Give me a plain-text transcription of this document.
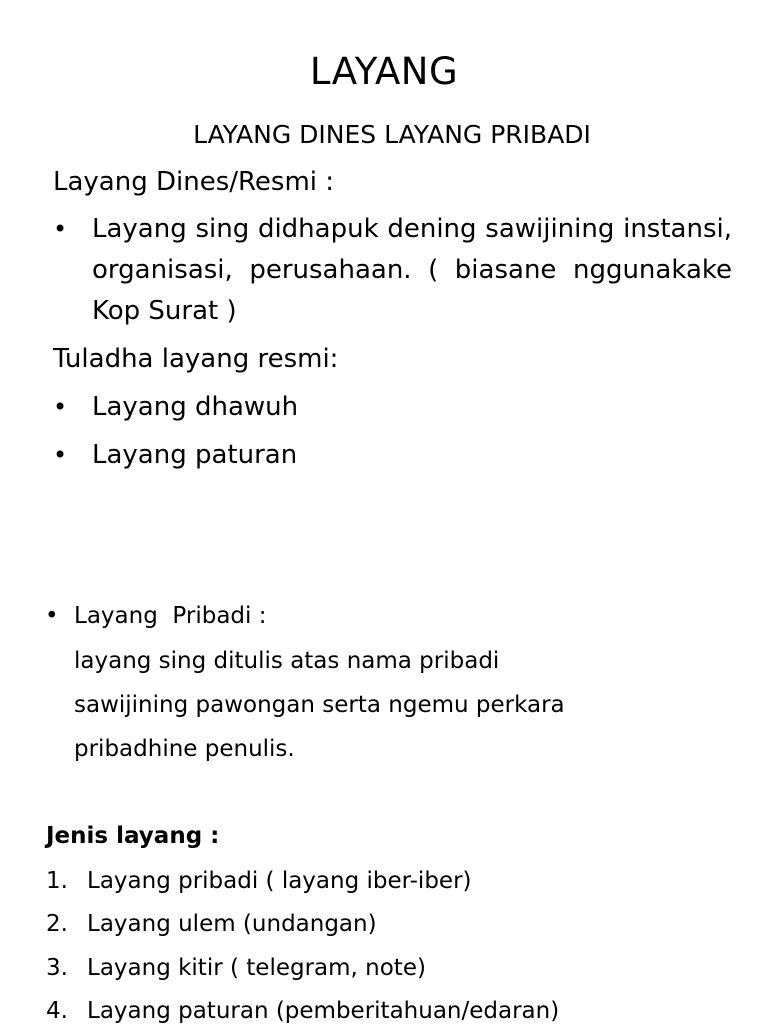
LAYANG
LAYANG DINES LAYANG PRIBADI
Layang Dines/Resmi :
• Layang sing didhapuk dening sawijining instansi, organisasi, perusahaan. ( biasane nggunakake Kop Surat )
Tuladha layang resmi:
• Layang dhawuh
• Layang paturan
• Layang  Pribadi :
layang sing ditulis atas nama pribadi
sawijining pawongan serta ngemu perkara
pribadhine penulis.
Jenis layang :
1. Layang pribadi ( layang iber-iber)
2. Layang ulem (undangan)
3. Layang kitir ( telegram, note)
4. Layang paturan (pemberitahuan/edaran)
